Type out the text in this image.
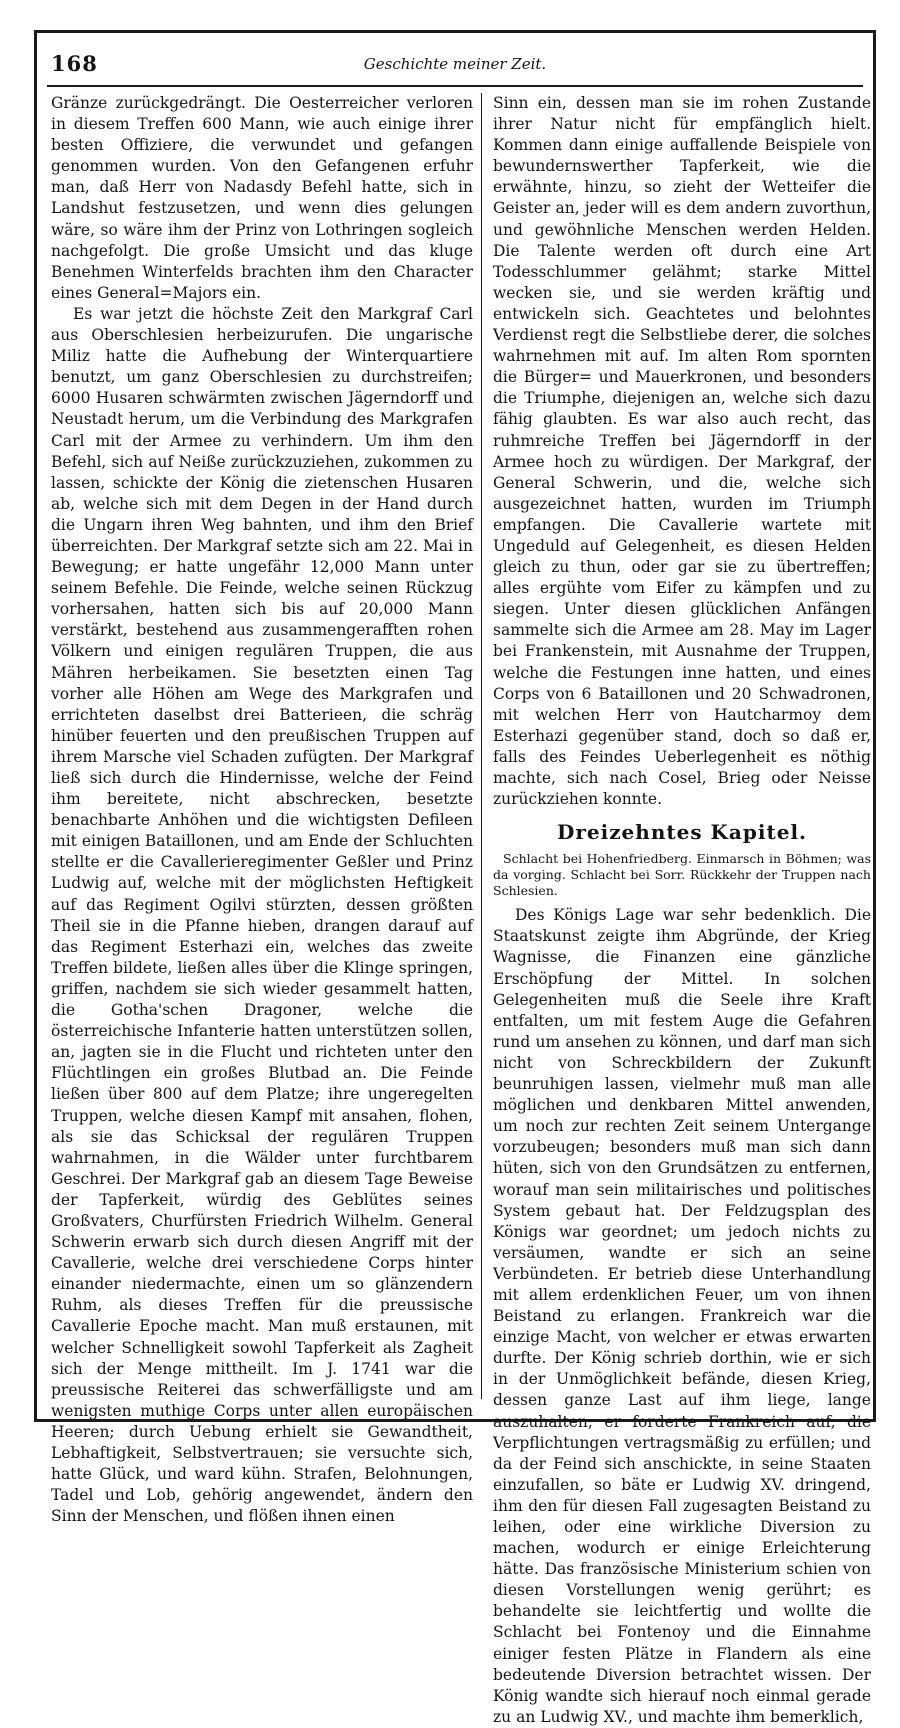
168	Geschichte meiner Zeit.

Gränze zurückgedrängt. Die Oesterreicher verloren in diesem Treffen 600 Mann, wie auch einige ihrer besten Offiziere, die verwundet und gefangen genommen wurden. Von den Gefangenen erfuhr man, daß Herr von Nadasdy Befehl hatte, sich in Landshut festzusetzen, und wenn dies gelungen wäre, so wäre ihm der Prinz von Lothringen sogleich nachgefolgt. Die große Umsicht und das kluge Benehmen Winterfelds brachten ihm den Character eines General=Majors ein.

Es war jetzt die höchste Zeit den Markgraf Carl aus Oberschlesien herbeizurufen. Die ungarische Miliz hatte die Aufhebung der Winterquartiere benutzt, um ganz Oberschlesien zu durchstreifen; 6000 Husaren schwärmten zwischen Jägerndorff und Neustadt herum, um die Verbindung des Markgrafen Carl mit der Armee zu verhindern. Um ihm den Befehl, sich auf Neiße zurückzuziehen, zukommen zu lassen, schickte der König die zietenschen Husaren ab, welche sich mit dem Degen in der Hand durch die Ungarn ihren Weg bahnten, und ihm den Brief überreichten. Der Markgraf setzte sich am 22. Mai in Bewegung; er hatte ungefähr 12,000 Mann unter seinem Befehle. Die Feinde, welche seinen Rückzug vorhersahen, hatten sich bis auf 20,000 Mann verstärkt, bestehend aus zusammengerafften rohen Völkern und einigen regulären Truppen, die aus Mähren herbeikamen. Sie besetzten einen Tag vorher alle Höhen am Wege des Markgrafen und errichteten daselbst drei Batterieen, die schräg hinüber feuerten und den preußischen Truppen auf ihrem Marsche viel Schaden zufügten. Der Markgraf ließ sich durch die Hindernisse, welche der Feind ihm bereitete, nicht abschrecken, besetzte benachbarte Anhöhen und die wichtigsten Defileen mit einigen Bataillonen, und am Ende der Schluchten stellte er die Cavallerieregimenter Geßler und Prinz Ludwig auf, welche mit der möglichsten Heftigkeit auf das Regiment Ogilvi stürzten, dessen größten Theil sie in die Pfanne hieben, drangen darauf auf das Regiment Esterhazi ein, welches das zweite Treffen bildete, ließen alles über die Klinge springen, griffen, nachdem sie sich wieder gesammelt hatten, die Gotha'schen Dragoner, welche die österreichische Infanterie hatten unterstützen sollen, an, jagten sie in die Flucht und richteten unter den Flüchtlingen ein großes Blutbad an. Die Feinde ließen über 800 auf dem Platze; ihre ungeregelten Truppen, welche diesen Kampf mit ansahen, flohen, als sie das Schicksal der regulären Truppen wahrnahmen, in die Wälder unter furchtbarem Geschrei. Der Markgraf gab an diesem Tage Beweise der Tapferkeit, würdig des Geblütes seines Großvaters, Churfürsten Friedrich Wilhelm. General Schwerin erwarb sich durch diesen Angriff mit der Cavallerie, welche drei verschiedene Corps hinter einander niedermachte, einen um so glänzendern Ruhm, als dieses Treffen für die preussische Cavallerie Epoche macht. Man muß erstaunen, mit welcher Schnelligkeit sowohl Tapferkeit als Zagheit sich der Menge mittheilt. Im J. 1741 war die preussische Reiterei das schwerfälligste und am wenigsten muthige Corps unter allen europäischen Heeren; durch Uebung erhielt sie Gewandtheit, Lebhaftigkeit, Selbstvertrauen; sie versuchte sich, hatte Glück, und ward kühn. Strafen, Belohnungen, Tadel und Lob, gehörig angewendet, ändern den Sinn der Menschen, und flößen ihnen einen

Sinn ein, dessen man sie im rohen Zustande ihrer Natur nicht für empfänglich hielt. Kommen dann einige auffallende Beispiele von bewundernswerther Tapferkeit, wie die erwähnte, hinzu, so zieht der Wetteifer die Geister an, jeder will es dem andern zuvorthun, und gewöhnliche Menschen werden Helden. Die Talente werden oft durch eine Art Todesschlummer gelähmt; starke Mittel wecken sie, und sie werden kräftig und entwickeln sich. Geachtetes und belohntes Verdienst regt die Selbstliebe derer, die solches wahrnehmen mit auf. Im alten Rom spornten die Bürger= und Mauerkronen, und besonders die Triumphe, diejenigen an, welche sich dazu fähig glaubten. Es war also auch recht, das ruhmreiche Treffen bei Jägerndorff in der Armee hoch zu würdigen. Der Markgraf, der General Schwerin, und die, welche sich ausgezeichnet hatten, wurden im Triumph empfangen. Die Cavallerie wartete mit Ungeduld auf Gelegenheit, es diesen Helden gleich zu thun, oder gar sie zu übertreffen; alles ergühte vom Eifer zu kämpfen und zu siegen. Unter diesen glücklichen Anfängen sammelte sich die Armee am 28. May im Lager bei Frankenstein, mit Ausnahme der Truppen, welche die Festungen inne hatten, und eines Corps von 6 Bataillonen und 20 Schwadronen, mit welchen Herr von Hautcharmoy dem Esterhazi gegenüber stand, doch so daß er, falls des Feindes Ueberlegenheit es nöthig machte, sich nach Cosel, Brieg oder Neisse zurückziehen konnte.

Dreizehntes Kapitel.

Schlacht bei Hohenfriedberg. Einmarsch in Böhmen; was da vorging. Schlacht bei Sorr. Rückkehr der Truppen nach Schlesien.

Des Königs Lage war sehr bedenklich. Die Staatskunst zeigte ihm Abgründe, der Krieg Wagnisse, die Finanzen eine gänzliche Erschöpfung der Mittel. In solchen Gelegenheiten muß die Seele ihre Kraft entfalten, um mit festem Auge die Gefahren rund um ansehen zu können, und darf man sich nicht von Schreckbildern der Zukunft beunruhigen lassen, vielmehr muß man alle möglichen und denkbaren Mittel anwenden, um noch zur rechten Zeit seinem Untergange vorzubeugen; besonders muß man sich dann hüten, sich von den Grundsätzen zu entfernen, worauf man sein militairisches und politisches System gebaut hat. Der Feldzugsplan des Königs war geordnet; um jedoch nichts zu versäumen, wandte er sich an seine Verbündeten. Er betrieb diese Unterhandlung mit allem erdenklichen Feuer, um von ihnen Beistand zu erlangen. Frankreich war die einzige Macht, von welcher er etwas erwarten durfte. Der König schrieb dorthin, wie er sich in der Unmöglichkeit befände, diesen Krieg, dessen ganze Last auf ihm liege, lange auszuhalten; er forderte Frankreich auf, die Verpflichtungen vertragsmäßig zu erfüllen; und da der Feind sich anschickte, in seine Staaten einzufallen, so bäte er Ludwig XV. dringend, ihm den für diesen Fall zugesagten Beistand zu leihen, oder eine wirkliche Diversion zu machen, wodurch er einige Erleichterung hätte. Das französische Ministerium schien von diesen Vorstellungen wenig gerührt; es behandelte sie leichtfertig und wollte die Schlacht bei Fontenoy und die Einnahme einiger festen Plätze in Flandern als eine bedeutende Diversion betrachtet wissen. Der König wandte sich hierauf noch einmal gerade zu an Ludwig XV., und machte ihm bemerklich,
